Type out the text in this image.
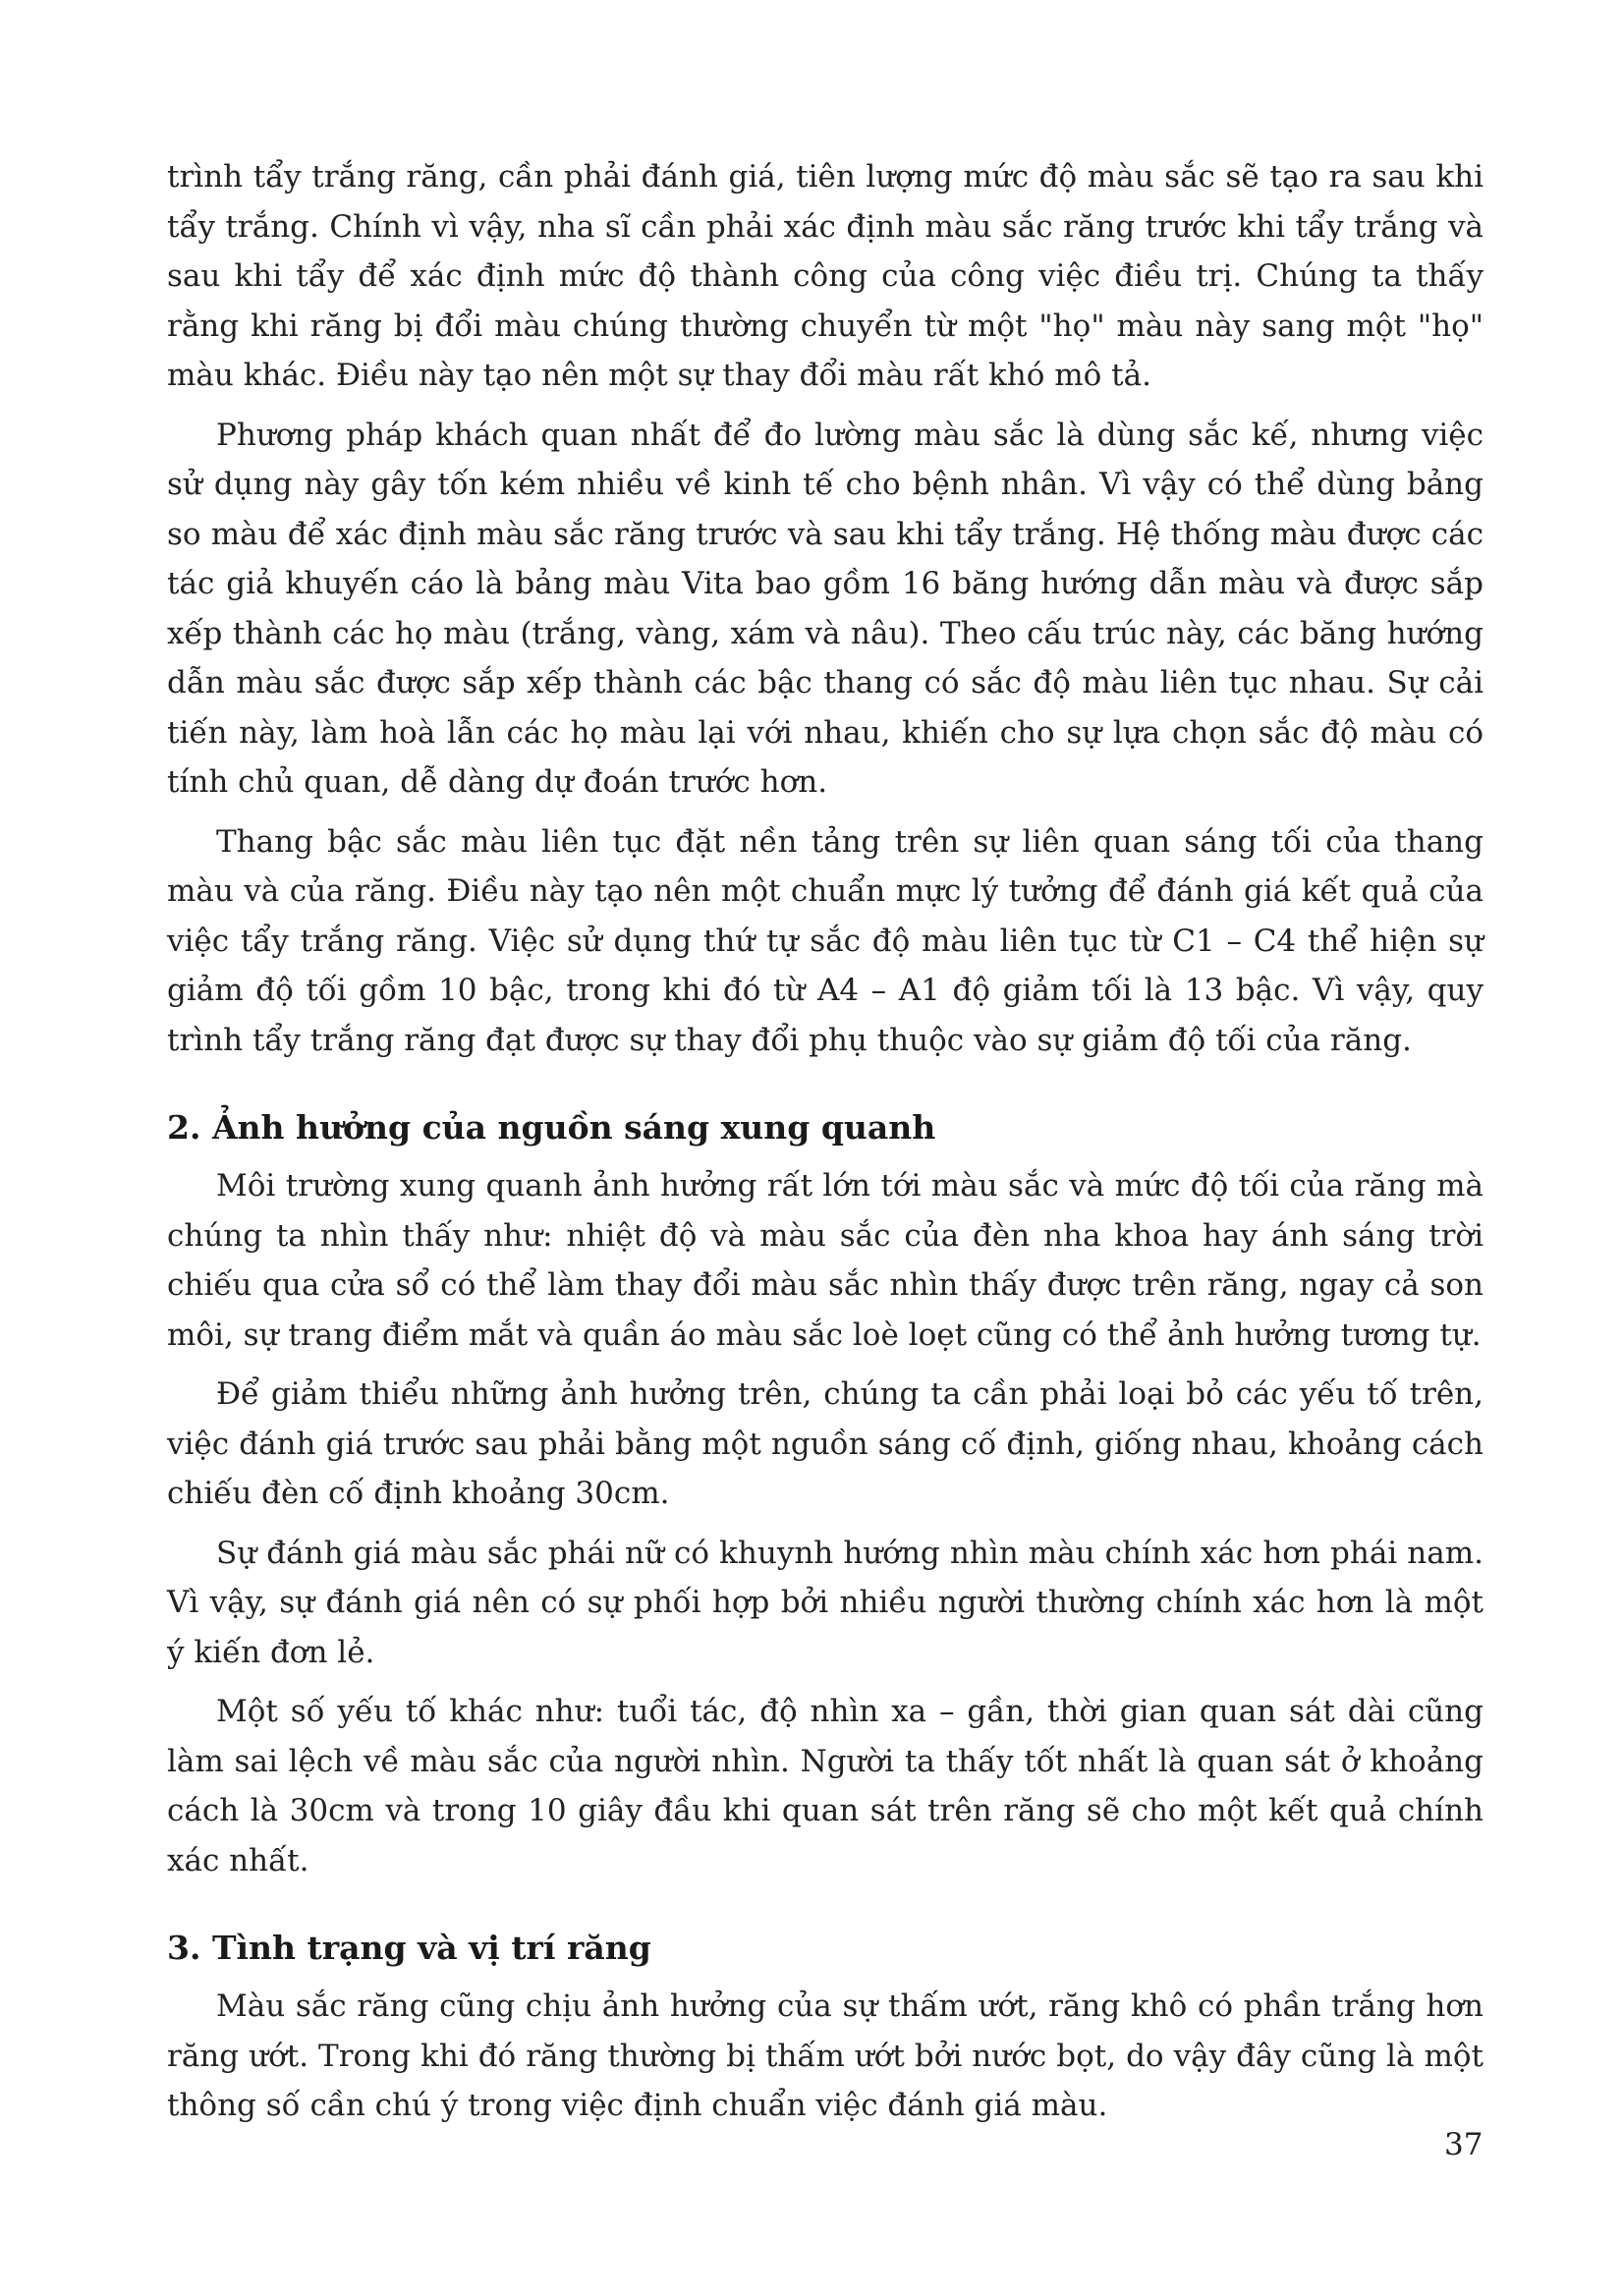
trình tẩy trắng răng, cần phải đánh giá, tiên lượng mức độ màu sắc sẽ tạo ra sau khi tẩy trắng. Chính vì vậy, nha sĩ cần phải xác định màu sắc răng trước khi tẩy trắng và sau khi tẩy để xác định mức độ thành công của công việc điều trị. Chúng ta thấy rằng khi răng bị đổi màu chúng thường chuyển từ một "họ" màu này sang một "họ" màu khác. Điều này tạo nên một sự thay đổi màu rất khó mô tả.

Phương pháp khách quan nhất để đo lường màu sắc là dùng sắc kế, nhưng việc sử dụng này gây tốn kém nhiều về kinh tế cho bệnh nhân. Vì vậy có thể dùng bảng so màu để xác định màu sắc răng trước và sau khi tẩy trắng. Hệ thống màu được các tác giả khuyến cáo là bảng màu Vita bao gồm 16 băng hướng dẫn màu và được sắp xếp thành các họ màu (trắng, vàng, xám và nâu). Theo cấu trúc này, các băng hướng dẫn màu sắc được sắp xếp thành các bậc thang có sắc độ màu liên tục nhau. Sự cải tiến này, làm hoà lẫn các họ màu lại với nhau, khiến cho sự lựa chọn sắc độ màu có tính chủ quan, dễ dàng dự đoán trước hơn.

Thang bậc sắc màu liên tục đặt nền tảng trên sự liên quan sáng tối của thang màu và của răng. Điều này tạo nên một chuẩn mực lý tưởng để đánh giá kết quả của việc tẩy trắng răng. Việc sử dụng thứ tự sắc độ màu liên tục từ C1 – C4 thể hiện sự giảm độ tối gồm 10 bậc, trong khi đó từ A4 – A1 độ giảm tối là 13 bậc. Vì vậy, quy trình tẩy trắng răng đạt được sự thay đổi phụ thuộc vào sự giảm độ tối của răng.

2. Ảnh hưởng của nguồn sáng xung quanh

Môi trường xung quanh ảnh hưởng rất lớn tới màu sắc và mức độ tối của răng mà chúng ta nhìn thấy như: nhiệt độ và màu sắc của đèn nha khoa hay ánh sáng trời chiếu qua cửa sổ có thể làm thay đổi màu sắc nhìn thấy được trên răng, ngay cả son môi, sự trang điểm mắt và quần áo màu sắc loè loẹt cũng có thể ảnh hưởng tương tự.

Để giảm thiểu những ảnh hưởng trên, chúng ta cần phải loại bỏ các yếu tố trên, việc đánh giá trước sau phải bằng một nguồn sáng cố định, giống nhau, khoảng cách chiếu đèn cố định khoảng 30cm.

Sự đánh giá màu sắc phái nữ có khuynh hướng nhìn màu chính xác hơn phái nam. Vì vậy, sự đánh giá nên có sự phối hợp bởi nhiều người thường chính xác hơn là một ý kiến đơn lẻ.

Một số yếu tố khác như: tuổi tác, độ nhìn xa – gần, thời gian quan sát dài cũng làm sai lệch về màu sắc của người nhìn. Người ta thấy tốt nhất là quan sát ở khoảng cách là 30cm và trong 10 giây đầu khi quan sát trên răng sẽ cho một kết quả chính xác nhất.

3. Tình trạng và vị trí răng

Màu sắc răng cũng chịu ảnh hưởng của sự thấm ướt, răng khô có phần trắng hơn răng ướt. Trong khi đó răng thường bị thấm ướt bởi nước bọt, do vậy đây cũng là một thông số cần chú ý trong việc định chuẩn việc đánh giá màu.

37
